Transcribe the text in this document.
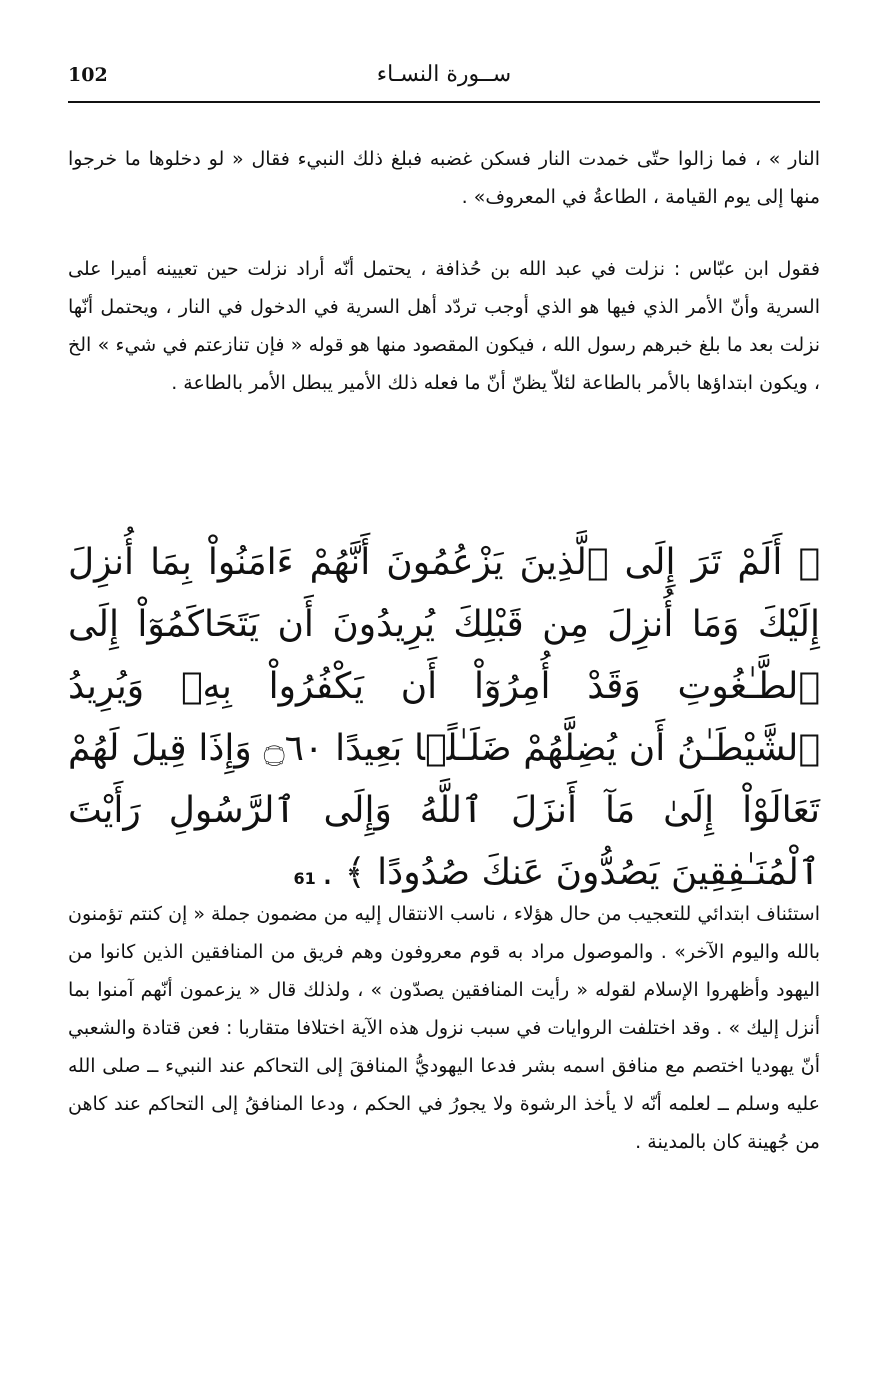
102	ســورة النسـاء

النار » ، فما زالوا حتّى خمدت النار فسكن غضبه فبلغ ذلك النبيء فقال « لو دخلوها ما خرجوا منها إلى يوم القيامة ، الطاعةُ في المعروف» .

فقول ابن عبّاس : نزلت في عبد الله بن حُذافة ، يحتمل أنّه أراد نزلت حين تعيينه أميرا على السرية وأنّ الأمر الذي فيها هو الذي أوجب تردّد أهل السرية في الدخول في النار ، ويحتمل أنّها نزلت بعد ما بلغ خبرهم رسول الله ، فيكون المقصود منها هو قوله « فإن تنازعتم في شيء » الخ ، ويكون ابتداؤها بالأمر بالطاعة لئلاّ يظنّ أنّ ما فعله ذلك الأمير يبطل الأمر بالطاعة .

﴿ أَلَمْ تَرَ إِلَى ٱلَّذِينَ يَزْعُمُونَ أَنَّهُمْ ءَامَنُواْ بِمَا أُنزِلَ إِلَيْكَ وَمَا أُنزِلَ مِن قَبْلِكَ يُرِيدُونَ أَن يَتَحَاكَمُوٓاْ إِلَى ٱلطَّـٰغُوتِ وَقَدْ أُمِرُوٓاْ أَن يَكْفُرُواْ بِهِۦ وَيُرِيدُ ٱلشَّيْطَـٰنُ أَن يُضِلَّهُمْ ضَلَـٰلًۢا بَعِيدًا ۝٦٠ وَإِذَا قِيلَ لَهُمْ تَعَالَوْاْ إِلَىٰ مَآ أَنزَلَ ٱللَّهُ وَإِلَى ٱلرَّسُولِ رَأَيْتَ ٱلْمُنَـٰفِقِينَ يَصُدُّونَ عَنكَ صُدُودًا ﴾ .61

استئناف ابتدائي للتعجيب من حال هؤلاء ، ناسب الانتقال إليه من مضمون جملة « إن كنتم تؤمنون بالله واليوم الآخر» . والموصول مراد به قوم معروفون وهم فريق من المنافقين الذين كانوا من اليهود وأظهروا الإسلام لقوله « رأيت المنافقين يصدّون » ، ولذلك قال « يزعمون أنّهم آمنوا بما أنزل إليك » . وقد اختلفت الروايات في سبب نزول هذه الآية اختلافا متقاربا : فعن قتادة والشعبي أنّ يهوديا اختصم مع منافق اسمه بشر فدعا اليهوديُّ المنافقَ إلى التحاكم عند النبيء ــ صلى الله عليه وسلم ــ لعلمه أنّه لا يأخذ الرشوة ولا يجورُ في الحكم ، ودعا المنافقُ إلى التحاكم عند كاهن من جُهينة كان بالمدينة .
